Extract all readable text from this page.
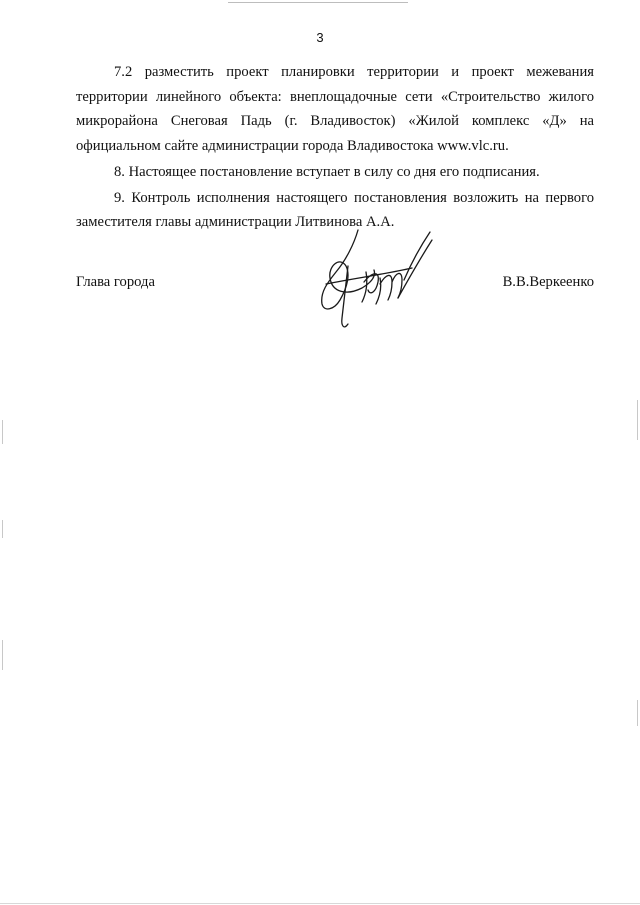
3

7.2 разместить проект планировки территории и проект межевания территории линейного объекта: внеплощадочные сети «Строительство жилого микрорайона Снеговая Падь (г. Владивосток) «Жилой комплекс «Д» на официальном сайте администрации города Владивостока www.vlc.ru.

8. Настоящее постановление вступает в силу со дня его подписания.

9. Контроль исполнения настоящего постановления возложить на первого заместителя главы администрации Литвинова А.А.

Глава города	В.В.Веркеенко
